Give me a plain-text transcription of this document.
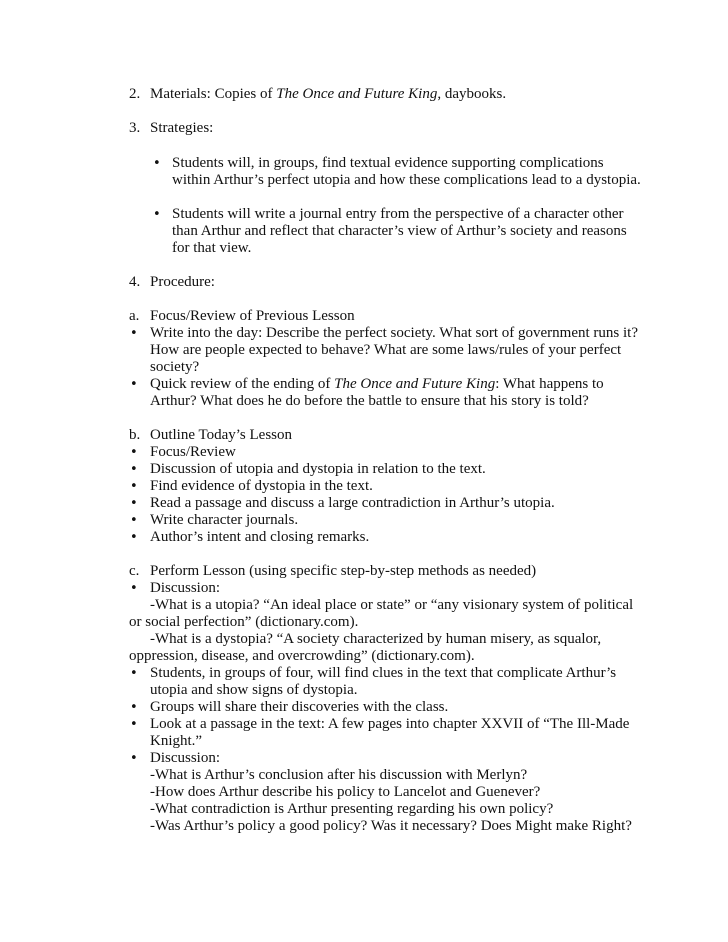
2. Materials: Copies of The Once and Future King, daybooks.
3. Strategies:
• Students will, in groups, find textual evidence supporting complications
within Arthur’s perfect utopia and how these complications lead to a dystopia.
• Students will write a journal entry from the perspective of a character other
than Arthur and reflect that character’s view of Arthur’s society and reasons
for that view.
4. Procedure:
a. Focus/Review of Previous Lesson
• Write into the day: Describe the perfect society. What sort of government runs it?
How are people expected to behave? What are some laws/rules of your perfect
society?
• Quick review of the ending of The Once and Future King: What happens to
Arthur? What does he do before the battle to ensure that his story is told?
b. Outline Today’s Lesson
• Focus/Review
• Discussion of utopia and dystopia in relation to the text.
• Find evidence of dystopia in the text.
• Read a passage and discuss a large contradiction in Arthur’s utopia.
• Write character journals.
• Author’s intent and closing remarks.
c. Perform Lesson (using specific step-by-step methods as needed)
• Discussion:
-What is a utopia? “An ideal place or state” or “any visionary system of political
or social perfection” (dictionary.com).
-What is a dystopia? “A society characterized by human misery, as squalor,
oppression, disease, and overcrowding” (dictionary.com).
• Students, in groups of four, will find clues in the text that complicate Arthur’s
utopia and show signs of dystopia.
• Groups will share their discoveries with the class.
• Look at a passage in the text: A few pages into chapter XXVII of “The Ill-Made
Knight.”
• Discussion:
-What is Arthur’s conclusion after his discussion with Merlyn?
-How does Arthur describe his policy to Lancelot and Guenever?
-What contradiction is Arthur presenting regarding his own policy?
-Was Arthur’s policy a good policy? Was it necessary? Does Might make Right?
